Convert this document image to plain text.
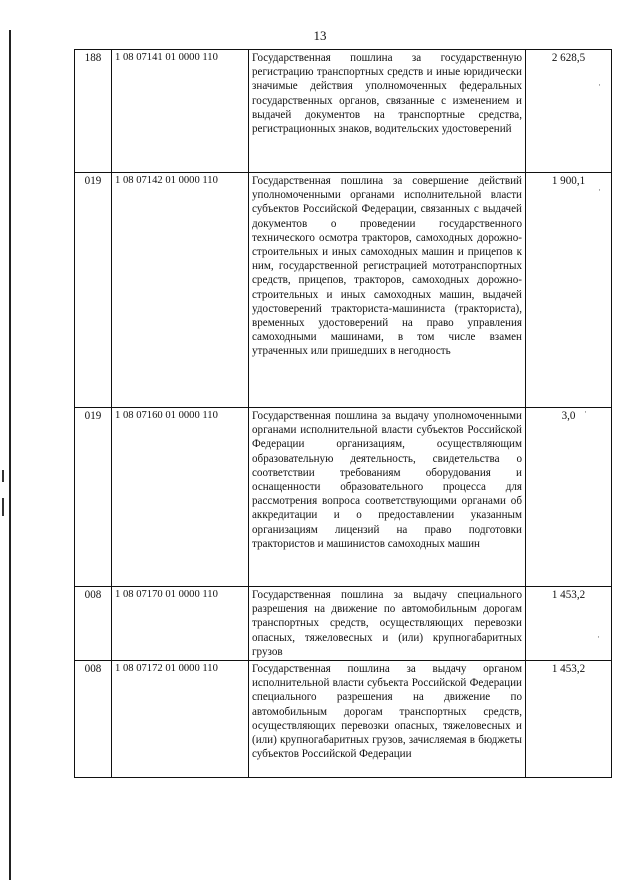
13
188	1 08 07141 01 0000 110	Государственная пошлина за государственную регистрацию транспортных средств и иные юридически значимые действия уполномоченных федеральных государственных органов, связанные с изменением и выдачей документов на транспортные средства, регистрационных знаков, водительских удостоверений	2 628,5
019	1 08 07142 01 0000 110	Государственная пошлина за совершение действий уполномоченными органами исполнительной власти субъектов Российской Федерации, связанных с выдачей документов о проведении государственного технического осмотра тракторов, самоходных дорожно-строительных и иных самоходных машин и прицепов к ним, государственной регистрацией мототранспортных средств, прицепов, тракторов, самоходных дорожно-строительных и иных самоходных машин, выдачей удостоверений тракториста-машиниста (тракториста), временных удостоверений на право управления самоходными машинами, в том числе взамен утраченных или пришедших в негодность	1 900,1
019	1 08 07160 01 0000 110	Государственная пошлина за выдачу уполномоченными органами исполнительной власти субъектов Российской Федерации организациям, осуществляющим образовательную деятельность, свидетельства о соответствии требованиям оборудования и оснащенности образовательного процесса для рассмотрения вопроса соответствующими органами об аккредитации и о предоставлении указанным организациям лицензий на право подготовки трактористов и машинистов самоходных машин	3,0
008	1 08 07170 01 0000 110	Государственная пошлина за выдачу специального разрешения на движение по автомобильным дорогам транспортных средств, осуществляющих перевозки опасных, тяжеловесных и (или) крупногабаритных грузов	1 453,2
008	1 08 07172 01 0000 110	Государственная пошлина за выдачу органом исполнительной власти субъекта Российской Федерации специального разрешения на движение по автомобильным дорогам транспортных средств, осуществляющих перевозки опасных, тяжеловесных и (или) крупногабаритных грузов, зачисляемая в бюджеты субъектов Российской Федерации	1 453,2
·
·
·
·
